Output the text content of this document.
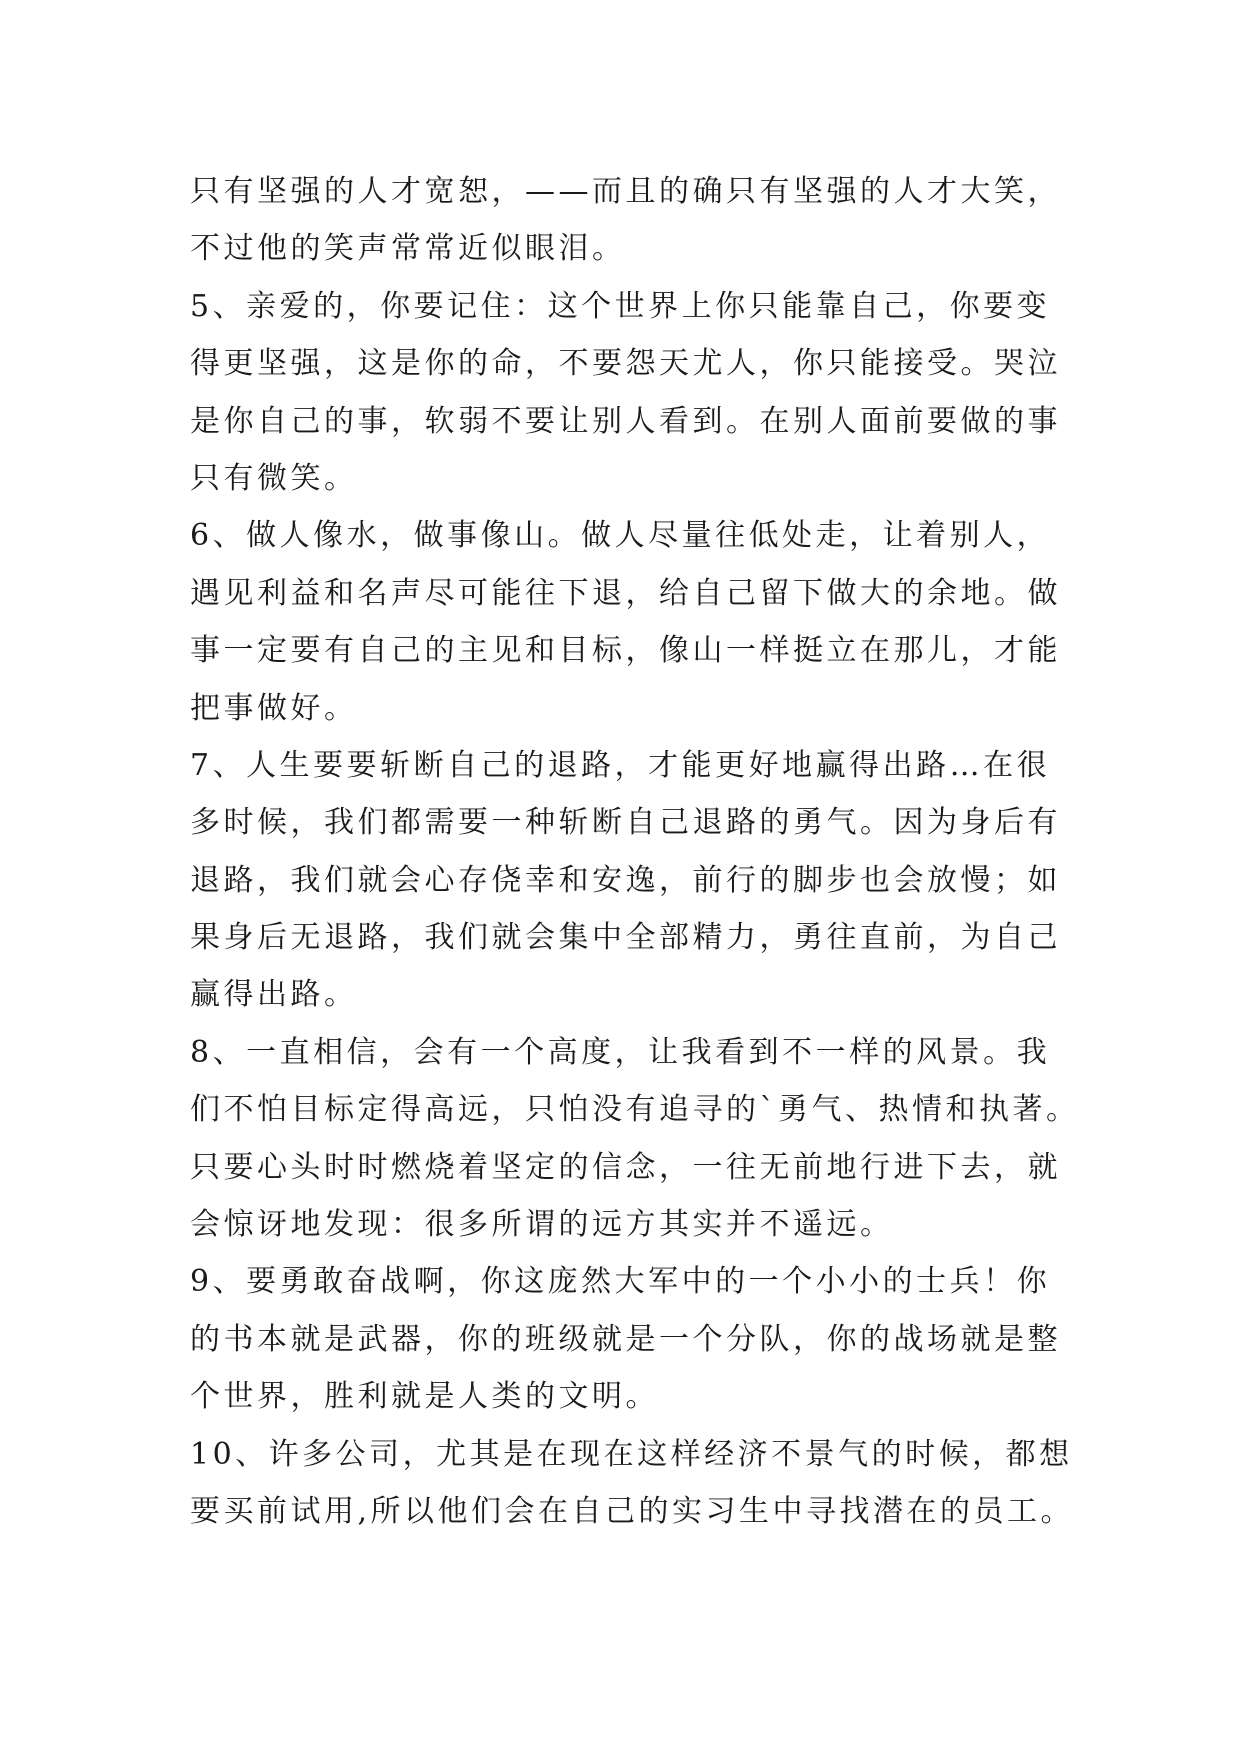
只有坚强的人才宽恕，——而且的确只有坚强的人才大笑，
不过他的笑声常常近似眼泪。
5、亲爱的，你要记住：这个世界上你只能靠自己，你要变
得更坚强，这是你的命，不要怨天尤人，你只能接受。哭泣
是你自己的事，软弱不要让别人看到。在别人面前要做的事
只有微笑。
6、做人像水，做事像山。做人尽量往低处走，让着别人，
遇见利益和名声尽可能往下退，给自己留下做大的余地。做
事一定要有自己的主见和目标，像山一样挺立在那儿，才能
把事做好。
7、人生要要斩断自己的退路，才能更好地赢得出路…在很
多时候，我们都需要一种斩断自己退路的勇气。因为身后有
退路，我们就会心存侥幸和安逸，前行的脚步也会放慢；如
果身后无退路，我们就会集中全部精力，勇往直前，为自己
赢得出路。
8、一直相信，会有一个高度，让我看到不一样的风景。我
们不怕目标定得高远，只怕没有追寻的`勇气、热情和执著。
只要心头时时燃烧着坚定的信念，一往无前地行进下去，就
会惊讶地发现：很多所谓的远方其实并不遥远。
9、要勇敢奋战啊，你这庞然大军中的一个小小的士兵！你
的书本就是武器，你的班级就是一个分队，你的战场就是整
个世界，胜利就是人类的文明。
10、许多公司，尤其是在现在这样经济不景气的时候，都想
要买前试用,所以他们会在自己的实习生中寻找潜在的员工。
